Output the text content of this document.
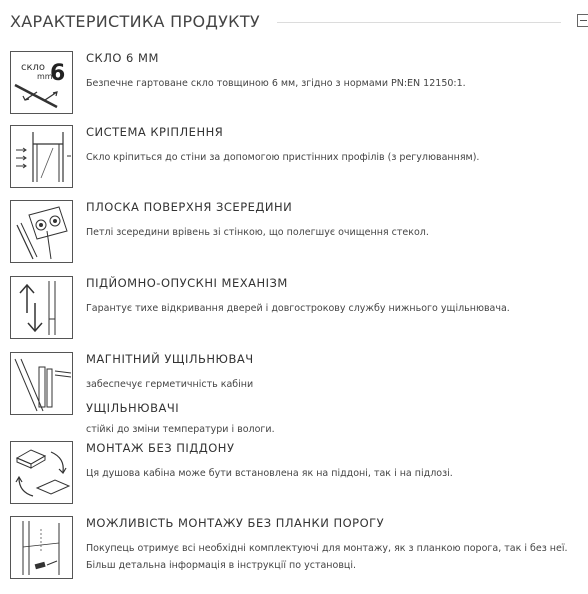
ХАРАКТЕРИСТИКА ПРОДУКТУ
скло
mm
6
СКЛО 6 ММ
Безпечне гартоване скло товщиною 6 мм, згідно з нормами PN:EN 12150:1.
СИСТЕМА КРІПЛЕННЯ
Скло кріпиться до стіни за допомогою пристінних профілів (з регулюванням).
ПЛОСКА ПОВЕРХНЯ ЗСЕРЕДИНИ
Петлі зсередини врівень зі стінкою, що полегшує очищення стекол.
ПІДЙОМНО-ОПУСКНІ МЕХАНІЗМ
Гарантує тихе відкривання дверей і довгострокову службу нижнього ущільнювача.
МАГНІТНИЙ УЩІЛЬНЮВАЧ
забеспечує герметичність кабіни
УЩІЛЬНЮВАЧІ
стійкі до зміни температури і вологи.
МОНТАЖ БЕЗ ПІДДОНУ
Ця душова кабіна може бути встановлена як на піддоні, так і на підлозі.
МОЖЛИВІСТЬ МОНТАЖУ БЕЗ ПЛАНКИ ПОРОГУ
Покупець отримує всі необхідні комплектуючі для монтажу, як з планкою порога, так і без неї. Більш детальна інформація в інструкції по установці.
